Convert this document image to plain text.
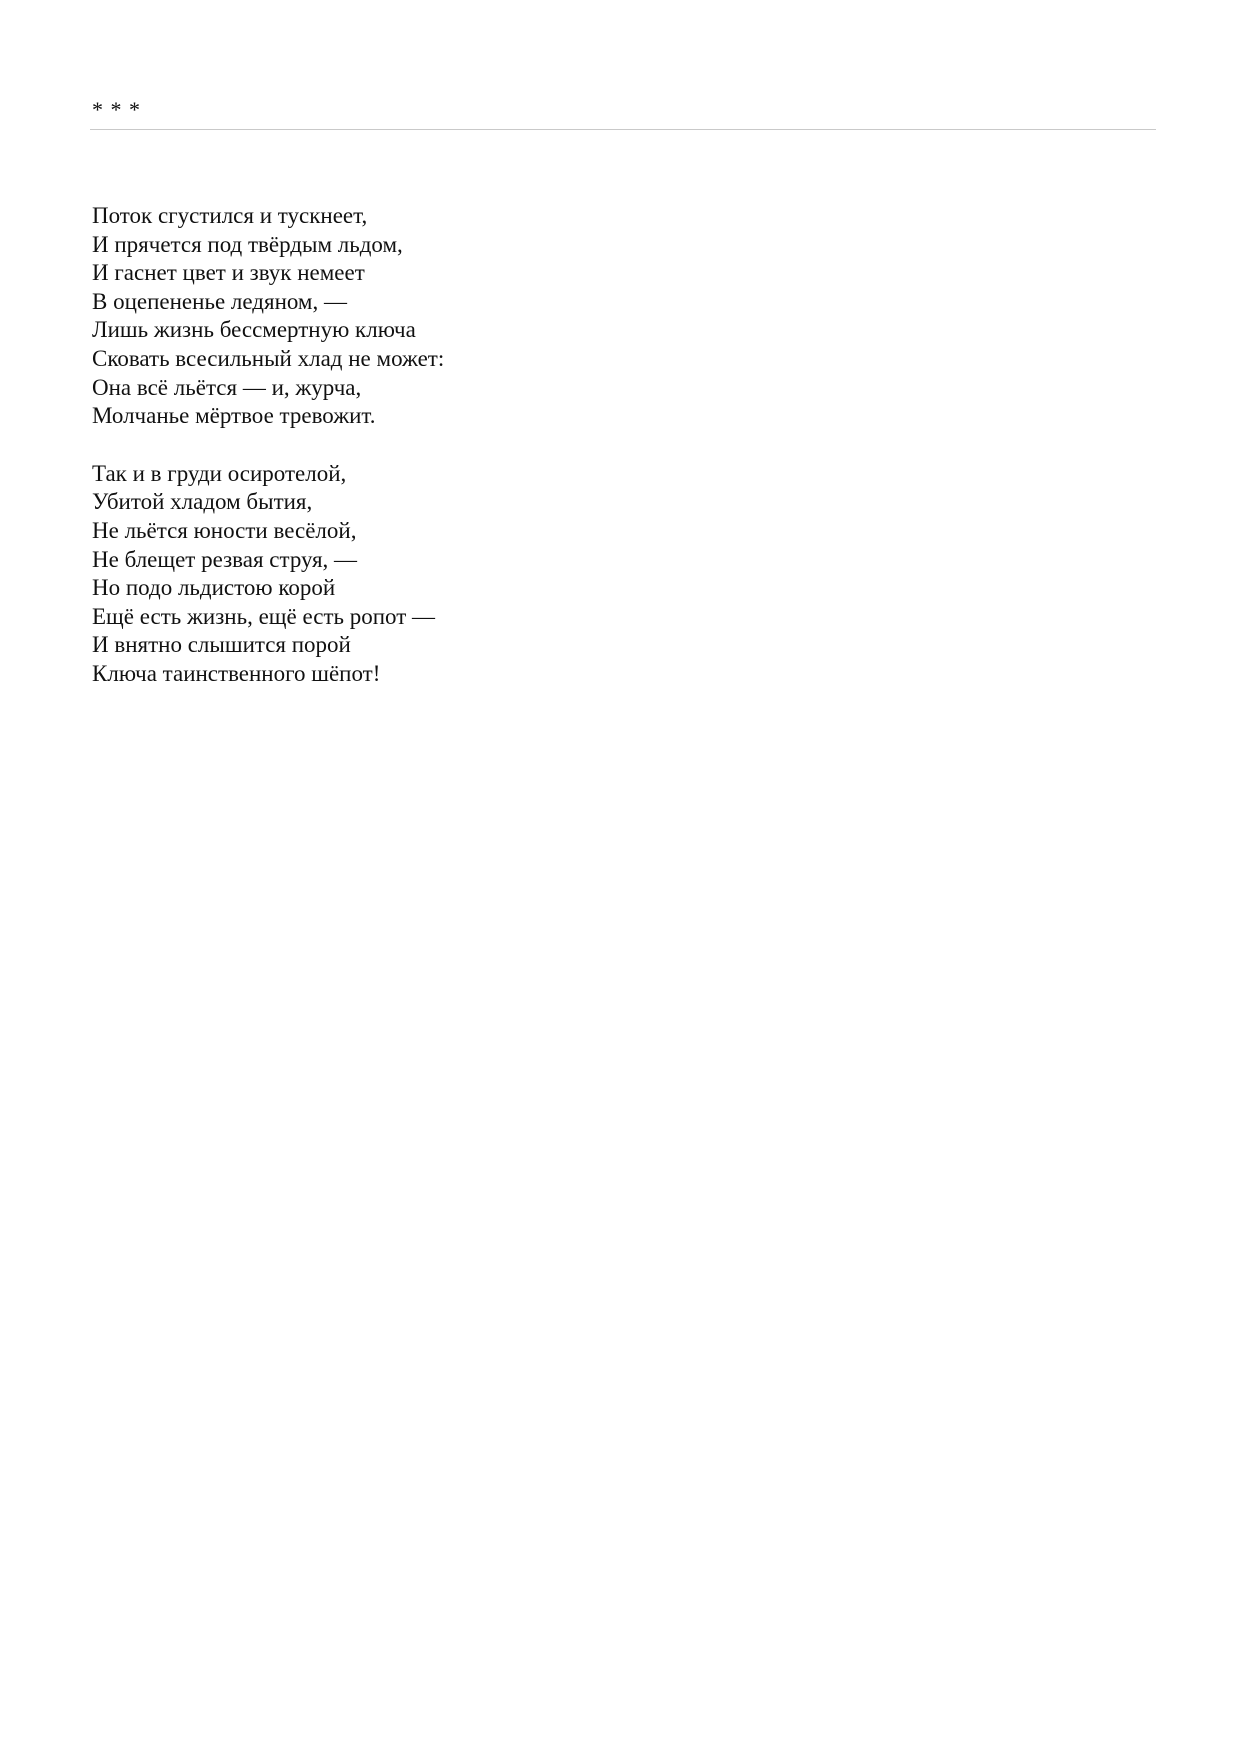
* * *
Поток сгустился и тускнеет,
И прячется под твёрдым льдом,
И гаснет цвет и звук немеет
В оцепененье ледяном, —
Лишь жизнь бессмертную ключа
Сковать всесильный хлад не может:
Она всё льётся — и, журча,
Молчанье мёртвое тревожит.
Так и в груди осиротелой,
Убитой хладом бытия,
Не льётся юности весёлой,
Не блещет резвая струя, —
Но подо льдистою корой
Ещё есть жизнь, ещё есть ропот —
И внятно слышится порой
Ключа таинственного шёпот!
